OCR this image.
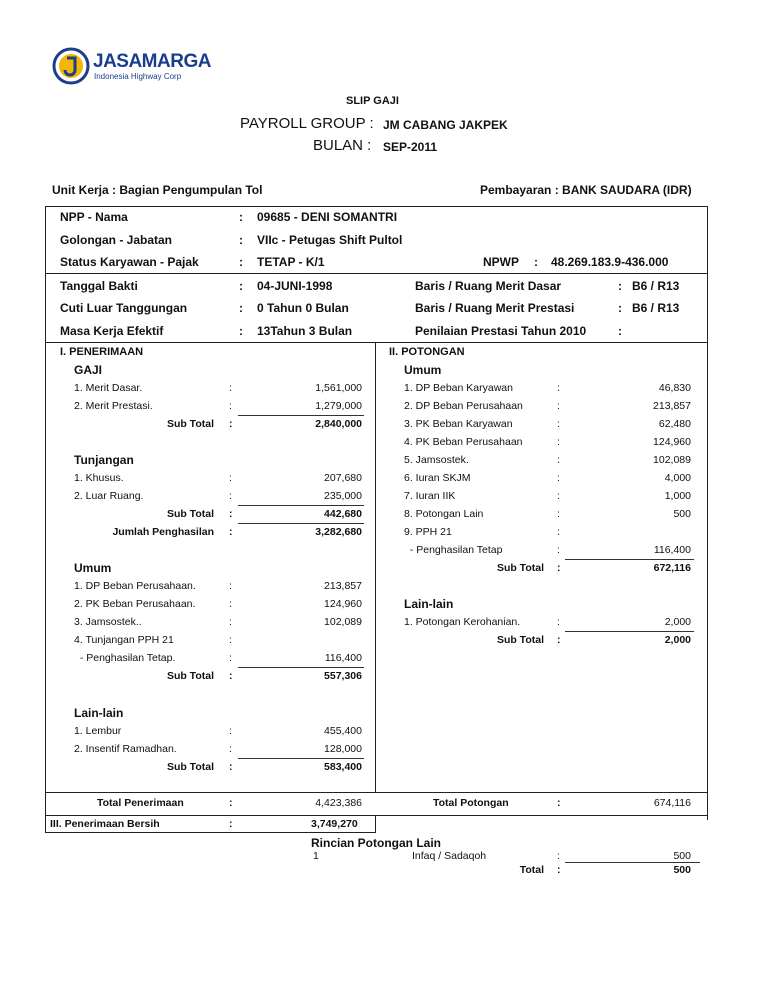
JASAMARGA
Indonesia Highway Corp
SLIP GAJI
PAYROLL GROUP : JM CABANG JAKPEK
BULAN : SEP-2011
Unit Kerja : Bagian Pengumpulan Tol	Pembayaran : BANK SAUDARA (IDR)
NPP - Nama	: 09685 - DENI SOMANTRI
Golongan - Jabatan	: VIIc - Petugas Shift Pultol
Status Karyawan - Pajak	: TETAP - K/1	NPWP : 48.269.183.9-436.000
Tanggal Bakti	: 04-JUNI-1998	Baris / Ruang Merit Dasar	: B6 / R13
Cuti Luar Tanggungan	: 0 Tahun 0 Bulan	Baris / Ruang Merit Prestasi	: B6 / R13
Masa Kerja Efektif	: 13Tahun 3 Bulan	Penilaian Prestasi Tahun 2010	:
I. PENERIMAAN
GAJI
1. Merit Dasar.	:	1,561,000
2. Merit Prestasi.	:	1,279,000
Sub Total :	2,840,000
Tunjangan
1. Khusus.	:	207,680
2. Luar Ruang.	:	235,000
Sub Total :	442,680
Jumlah Penghasilan :	3,282,680
Umum
1. DP Beban Perusahaan.	:	213,857
2. PK Beban Perusahaan.	:	124,960
3. Jamsostek..	:	102,089
4. Tunjangan PPH 21	:
- Penghasilan Tetap.	:	116,400
Sub Total :	557,306
Lain-lain
1. Lembur	:	455,400
2. Insentif Ramadhan.	:	128,000
Sub Total :	583,400
II. POTONGAN
Umum
1. DP Beban Karyawan	:	46,830
2. DP Beban Perusahaan	:	213,857
3. PK Beban Karyawan	:	62,480
4. PK Beban Perusahaan	:	124,960
5. Jamsostek.	:	102,089
6. Iuran SKJM	:	4,000
7. Iuran IIK	:	1,000
8. Potongan Lain	:	500
9. PPH 21	:
- Penghasilan Tetap	:	116,400
Sub Total :	672,116
Lain-lain
1. Potongan Kerohanian.	:	2,000
Sub Total :	2,000
Total Penerimaan	:	4,423,386	Total Potongan	:	674,116
III. Penerimaan Bersih	:	3,749,270
Rincian Potongan Lain
1	Infaq / Sadaqoh	:	500
Total :	500
